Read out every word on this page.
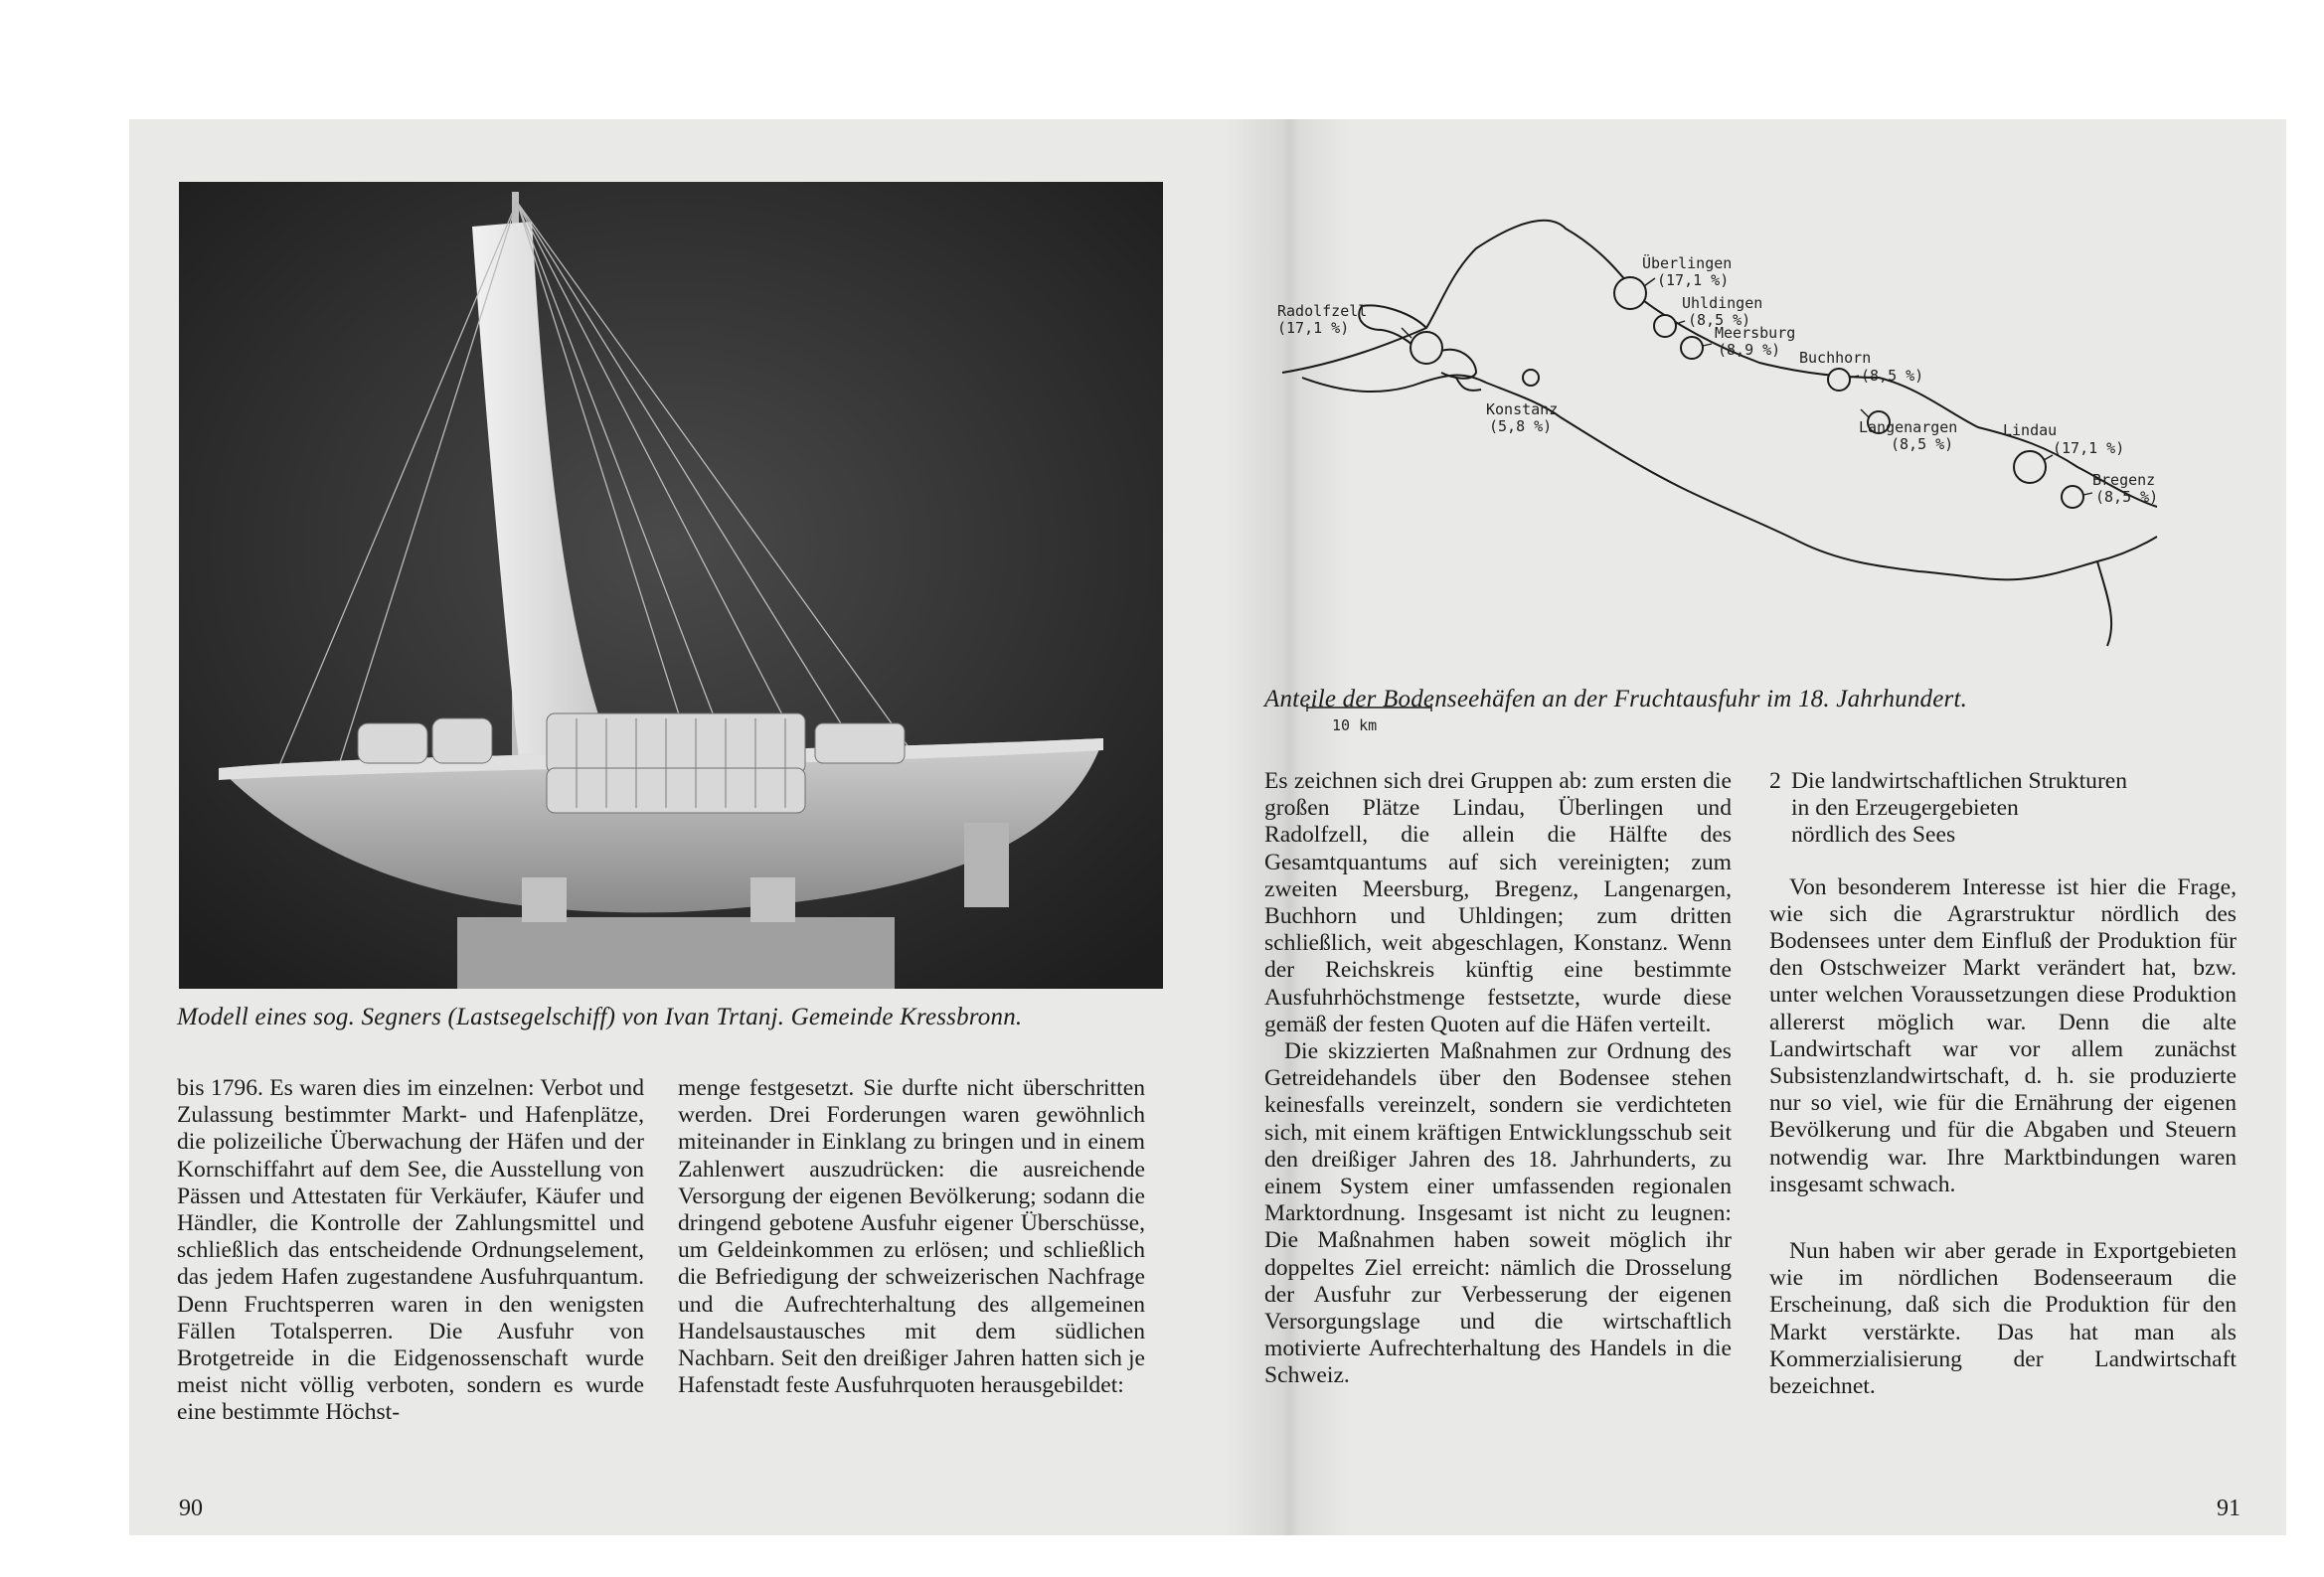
Modell eines sog. Segners (Lastsegelschiff) von Ivan Trtanj. Gemeinde Kressbronn.

bis 1796. Es waren dies im einzelnen: Verbot und Zulassung bestimmter Markt- und Hafenplätze, die polizeiliche Überwachung der Häfen und der Kornschiffahrt auf dem See, die Ausstellung von Pässen und Attestaten für Verkäufer, Käufer und Händler, die Kontrolle der Zahlungsmittel und schließlich das entscheidende Ordnungselement, das jedem Hafen zugestandene Ausfuhrquantum. Denn Fruchtsperren waren in den wenigsten Fällen Totalsperren. Die Ausfuhr von Brotgetreide in die Eidgenossenschaft wurde meist nicht völlig verboten, sondern es wurde eine bestimmte Höchst-

menge festgesetzt. Sie durfte nicht überschritten werden. Drei Forderungen waren gewöhnlich miteinander in Einklang zu bringen und in einem Zahlenwert auszudrücken: die ausreichende Versorgung der eigenen Bevölkerung; sodann die dringend gebotene Ausfuhr eigener Überschüsse, um Geldeinkommen zu erlösen; und schließlich die Befriedigung der schweizerischen Nachfrage und die Aufrechterhaltung des allgemeinen Handelsaustausches mit dem südlichen Nachbarn. Seit den dreißiger Jahren hatten sich je Hafenstadt feste Ausfuhrquoten herausgebildet:

90
Überlingen
(17,1 %)
Radolfzell
(17,1 %)
Uhldingen
(8,5 %)
Meersburg
(8,9 %)
Konstanz
(5,8 %)
Buchhorn
(8,5 %)
Langenargen
(8,5 %)
Lindau
(17,1 %)
Bregenz
(8,5 %)
10 km
Anteile der Bodenseehäfen an der Fruchtausfuhr im 18. Jahrhundert.

Es zeichnen sich drei Gruppen ab: zum ersten die großen Plätze Lindau, Überlingen und Radolfzell, die allein die Hälfte des Gesamtquantums auf sich vereinigten; zum zweiten Meersburg, Bregenz, Langenargen, Buchhorn und Uhldingen; zum dritten schließlich, weit abgeschlagen, Konstanz. Wenn der Reichskreis künftig eine bestimmte Ausfuhrhöchstmenge festsetzte, wurde diese gemäß der festen Quoten auf die Häfen verteilt.

Die skizzierten Maßnahmen zur Ordnung des Getreidehandels über den Bodensee stehen keinesfalls vereinzelt, sondern sie verdichteten sich, mit einem kräftigen Entwicklungsschub seit den dreißiger Jahren des 18. Jahrhunderts, zu einem System einer umfassenden regionalen Marktordnung. Insgesamt ist nicht zu leugnen: Die Maßnahmen haben soweit möglich ihr doppeltes Ziel erreicht: nämlich die Drosselung der Ausfuhr zur Verbesserung der eigenen Versorgungslage und die wirtschaftlich motivierte Aufrechterhaltung des Handels in die Schweiz.

2 Die landwirtschaftlichen Strukturen
in den Erzeugergebieten
nördlich des Sees

Von besonderem Interesse ist hier die Frage, wie sich die Agrarstruktur nördlich des Bodensees unter dem Einfluß der Produktion für den Ostschweizer Markt verändert hat, bzw. unter welchen Voraussetzungen diese Produktion allererst möglich war. Denn die alte Landwirtschaft war vor allem zunächst Subsistenzlandwirtschaft, d. h. sie produzierte nur so viel, wie für die Ernährung der eigenen Bevölkerung und für die Abgaben und Steuern notwendig war. Ihre Marktbindungen waren insgesamt schwach.

Nun haben wir aber gerade in Exportgebieten wie im nördlichen Bodenseeraum die Erscheinung, daß sich die Produktion für den Markt verstärkte. Das hat man als Kommerzialisierung der Landwirtschaft bezeichnet.

91
